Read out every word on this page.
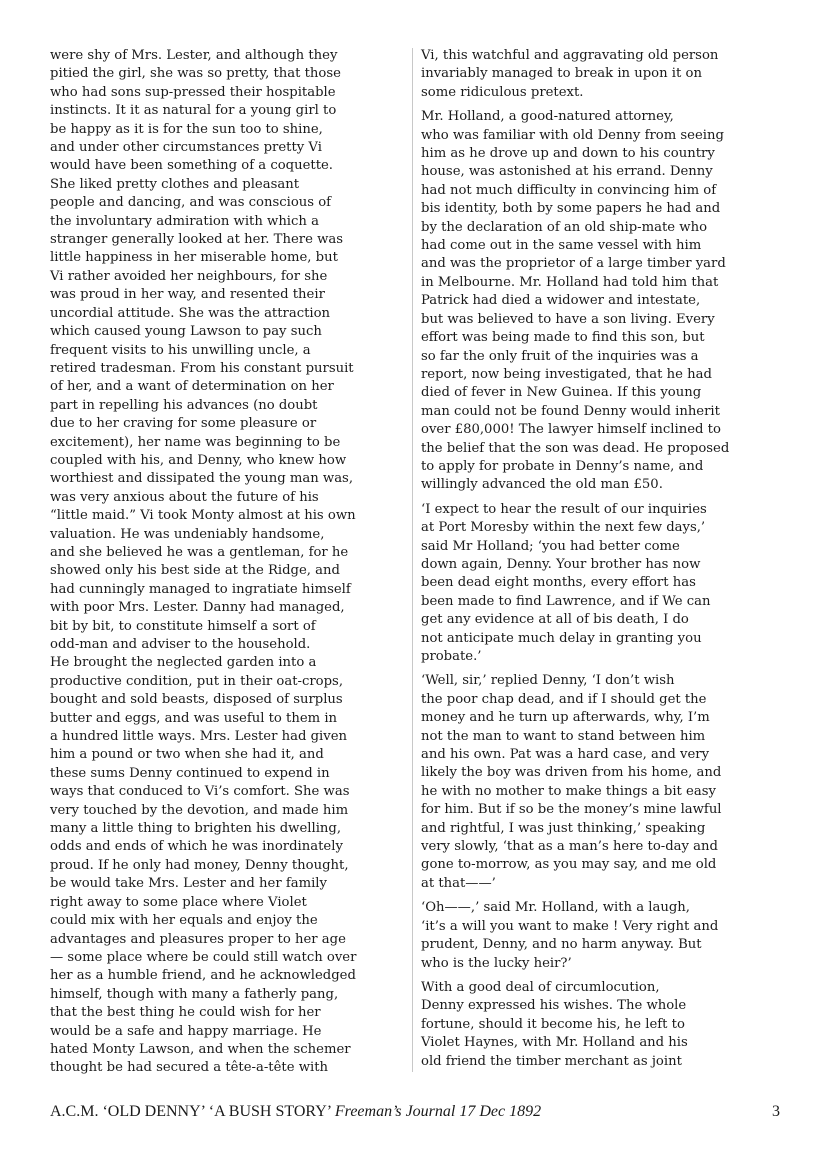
were shy of Mrs. Lester, and although they
pitied the girl, she was so pretty, that those
who had sons sup-pressed their hospitable
instincts. It it as natural for a young girl to
be happy as it is for the sun too to shine,
and under other circumstances pretty Vi
would have been something of a coquette.
She liked pretty clothes and pleasant
people and dancing, and was conscious of
the involuntary admiration with which a
stranger generally looked at her. There was
little happiness in her miserable home, but
Vi rather avoided her neighbours, for she
was proud in her way, and resented their
uncordial attitude. She was the attraction
which caused young Lawson to pay such
frequent visits to his unwilling uncle, a
retired tradesman. From his constant pursuit
of her, and a want of determination on her
part in repelling his advances (no doubt
due to her craving for some pleasure or
excitement), her name was beginning to be
coupled with his, and Denny, who knew how
worthiest and dissipated the young man was,
was very anxious about the future of his
“little maid.” Vi took Monty almost at his own
valuation. He was undeniably handsome,
and she believed he was a gentleman, for he
showed only his best side at the Ridge, and
had cunningly managed to ingratiate himself
with poor Mrs. Lester. Danny had managed,
bit by bit, to constitute himself a sort of
odd-man and adviser to the household.
He brought the neglected garden into a
productive condition, put in their oat-crops,
bought and sold beasts, disposed of surplus
butter and eggs, and was useful to them in
a hundred little ways. Mrs. Lester had given
him a pound or two when she had it, and
these sums Denny continued to expend in
ways that conduced to Vi’s comfort. She was
very touched by the devotion, and made him
many a little thing to brighten his dwelling,
odds and ends of which he was inordinately
proud. If he only had money, Denny thought,
be would take Mrs. Lester and her family
right away to some place where Violet
could mix with her equals and enjoy the
advantages and pleasures proper to her age
— some place where be could still watch over
her as a humble friend, and he acknowledged
himself, though with many a fatherly pang,
that the best thing he could wish for her
would be a safe and happy marriage. He
hated Monty Lawson, and when the schemer
thought be had secured a tête-a-tête with
Vi, this watchful and aggravating old person
invariably managed to break in upon it on
some ridiculous pretext.
Mr. Holland, a good-natured attorney,
who was familiar with old Denny from seeing
him as he drove up and down to his country
house, was astonished at his errand. Denny
had not much difficulty in convincing him of
bis identity, both by some papers he had and
by the declaration of an old ship-mate who
had come out in the same vessel with him
and was the proprietor of a large timber yard
in Melbourne. Mr. Holland had told him that
Patrick had died a widower and intestate,
but was believed to have a son living. Every
effort was being made to find this son, but
so far the only fruit of the inquiries was a
report, now being investigated, that he had
died of fever in New Guinea. If this young
man could not be found Denny would inherit
over £80,000! The lawyer himself inclined to
the belief that the son was dead. He proposed
to apply for probate in Denny’s name, and
willingly advanced the old man £50.
‘I expect to hear the result of our inquiries
at Port Moresby within the next few days,’
said Mr Holland; ‘you had better come
down again, Denny. Your brother has now
been dead eight months, every effort has
been made to find Lawrence, and if We can
get any evidence at all of bis death, I do
not anticipate much delay in granting you
probate.’
‘Well, sir,’ replied Denny, ‘I don’t wish
the poor chap dead, and if I should get the
money and he turn up afterwards, why, I’m
not the man to want to stand between him
and his own. Pat was a hard case, and very
likely the boy was driven from his home, and
he with no mother to make things a bit easy
for him. But if so be the money’s mine lawful
and rightful, I was just thinking,’ speaking
very slowly, ‘that as a man’s here to-day and
gone to-morrow, as you may say, and me old
at that——’
‘Oh——,’ said Mr. Holland, with a laugh,
‘it’s a will you want to make ! Very right and
prudent, Denny, and no harm anyway. But
who is the lucky heir?’
With a good deal of circumlocution,
Denny expressed his wishes. The whole
fortune, should it become his, he left to
Violet Haynes, with Mr. Holland and his
old friend the timber merchant as joint
A.C.M. ‘OLD DENNY’ ‘A BUSH STORY’ Freeman’s Journal 17 Dec 1892	3
